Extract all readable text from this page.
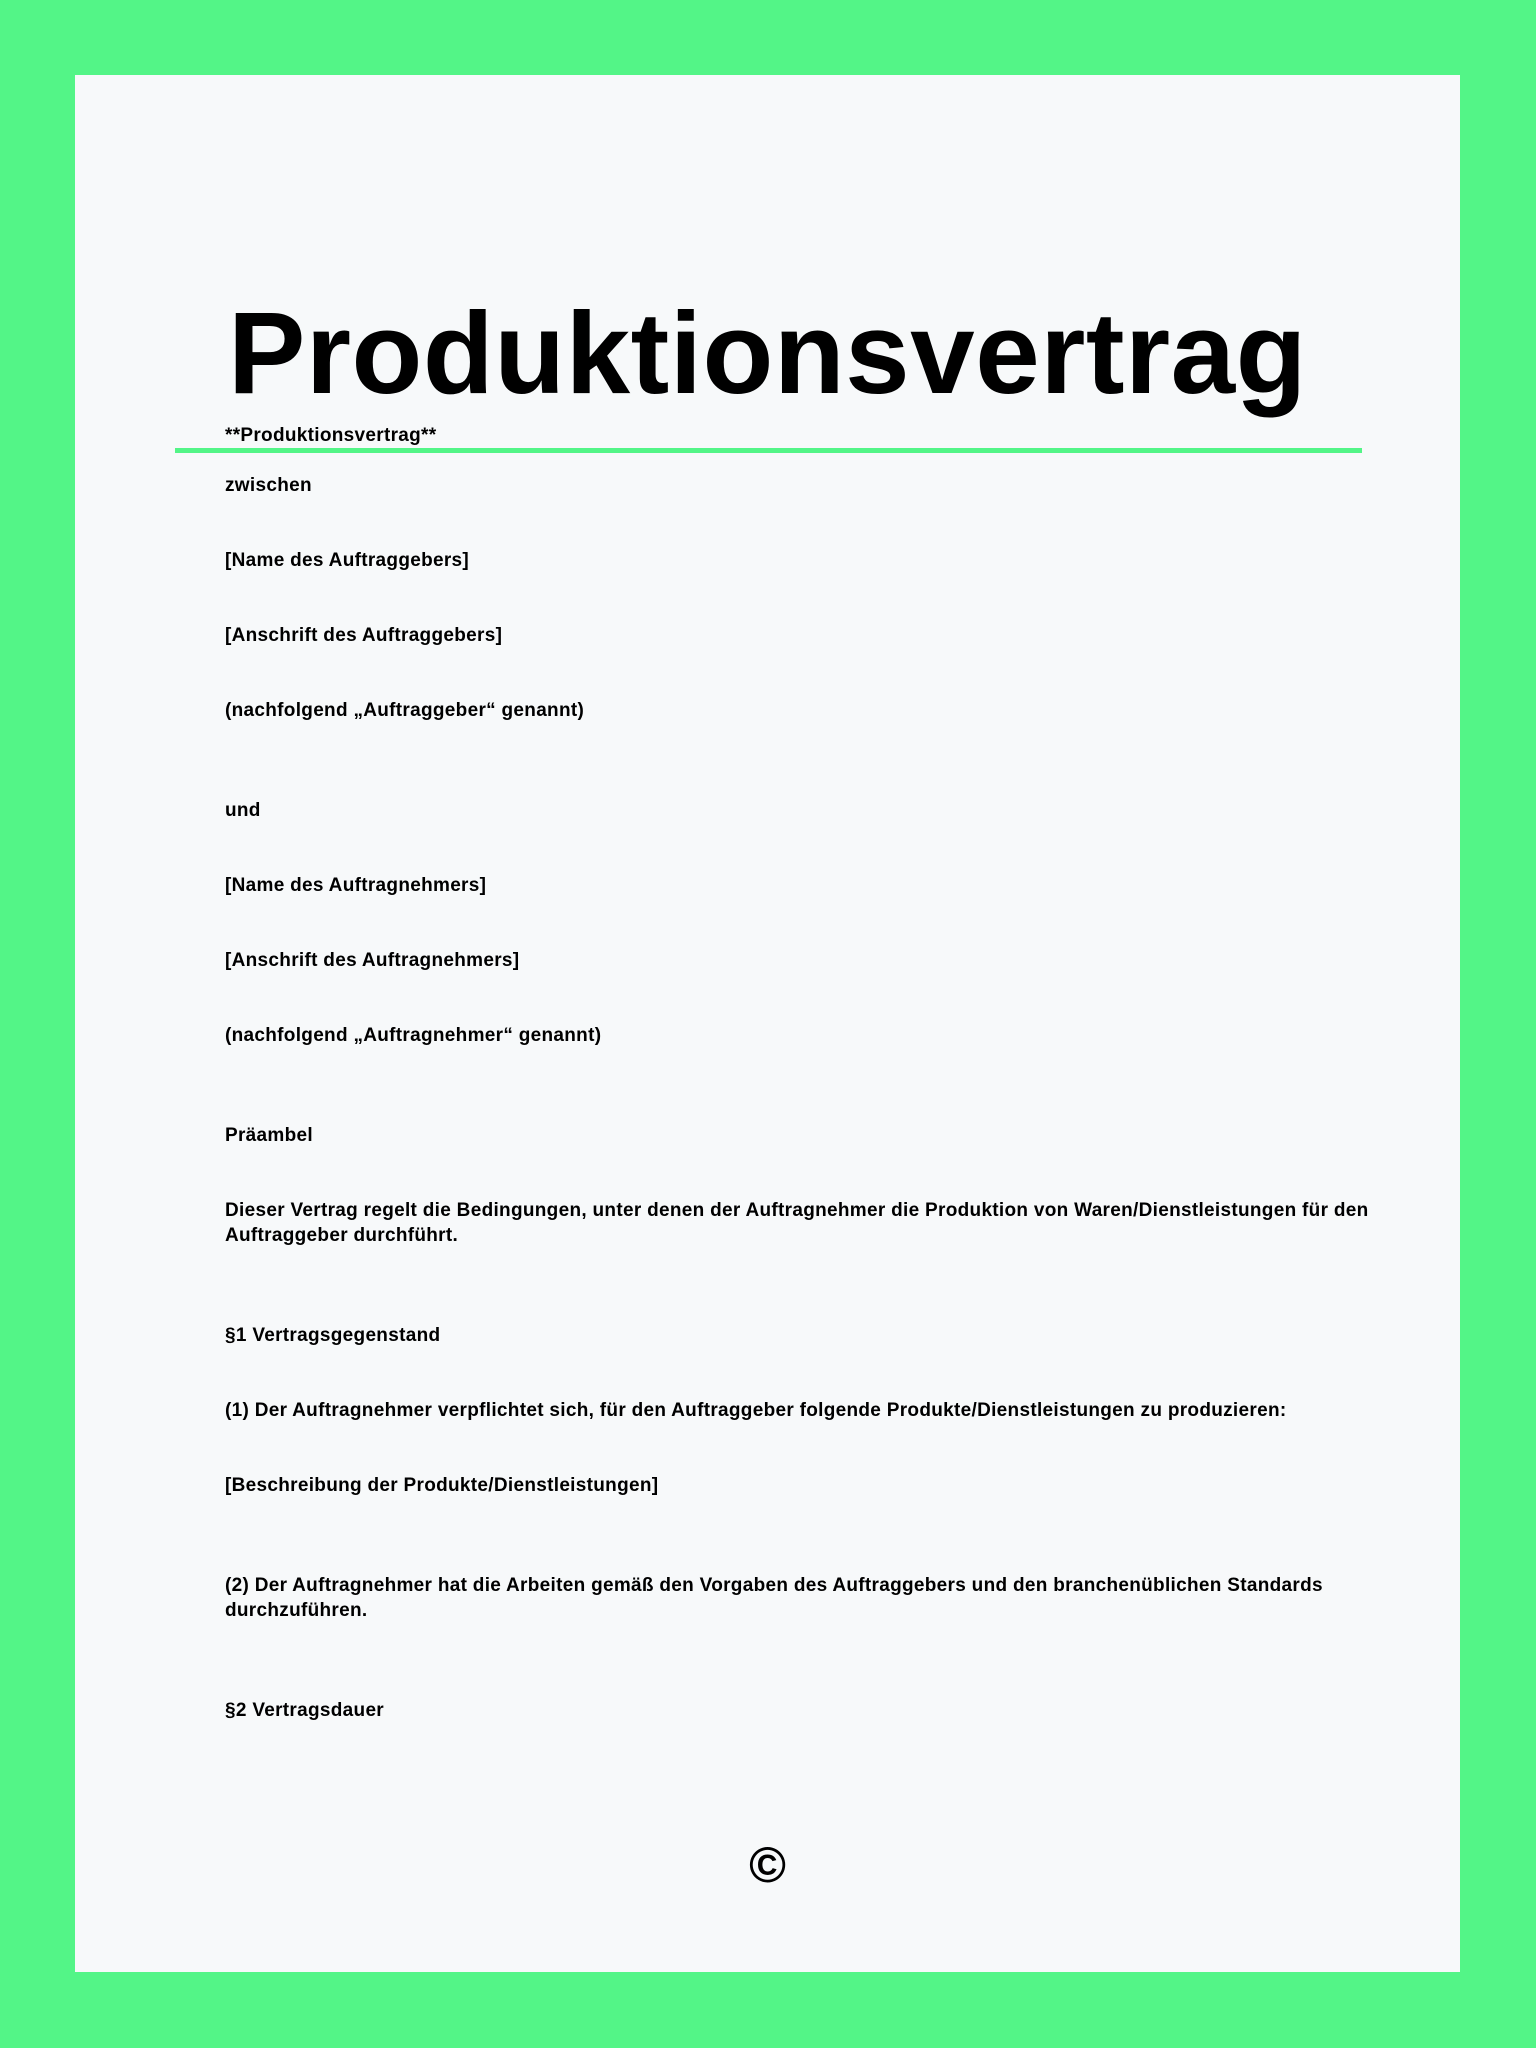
Produktionsvertrag

**Produktionsvertrag**

zwischen

[Name des Auftraggebers]

[Anschrift des Auftraggebers]

(nachfolgend „Auftraggeber“ genannt)

und

[Name des Auftragnehmers]

[Anschrift des Auftragnehmers]

(nachfolgend „Auftragnehmer“ genannt)

Präambel

Dieser Vertrag regelt die Bedingungen, unter denen der Auftragnehmer die Produktion von Waren/Dienstleistungen für den Auftraggeber durchführt.

§1 Vertragsgegenstand

(1) Der Auftragnehmer verpflichtet sich, für den Auftraggeber folgende Produkte/Dienstleistungen zu produzieren:

[Beschreibung der Produkte/Dienstleistungen]

(2) Der Auftragnehmer hat die Arbeiten gemäß den Vorgaben des Auftraggebers und den branchenüblichen Standards durchzuführen.

§2 Vertragsdauer

©
